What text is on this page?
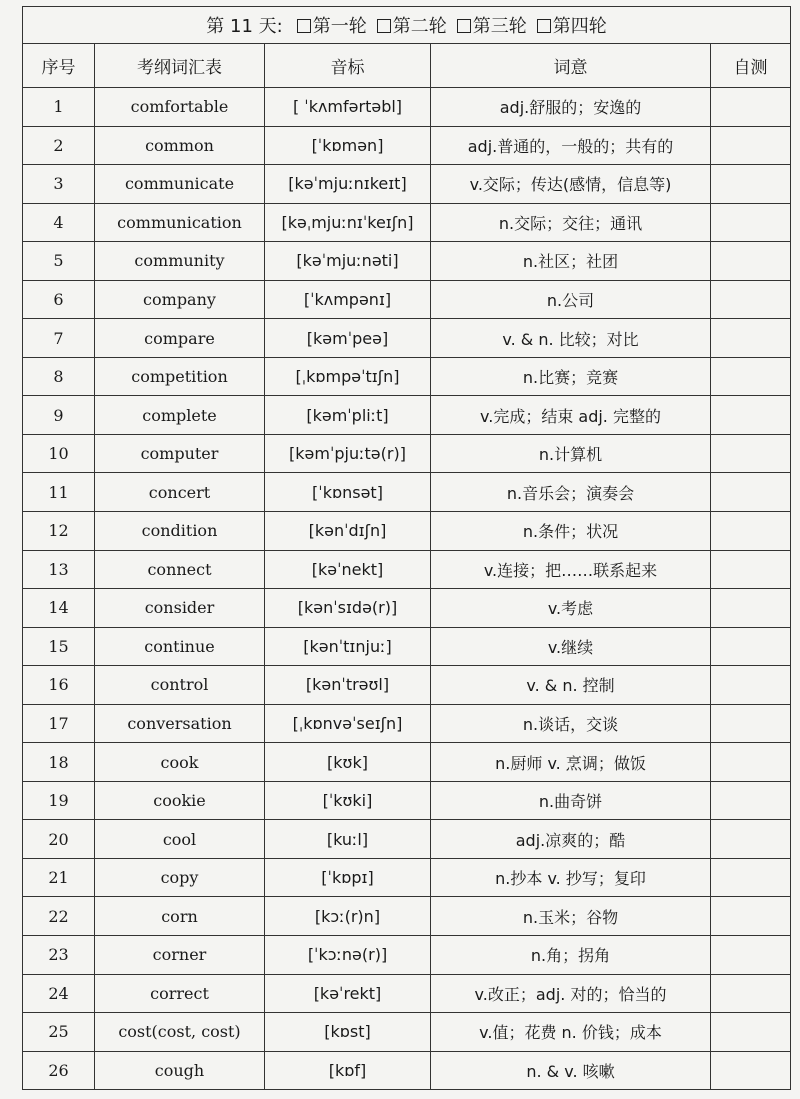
第 11 天: 第一轮 第二轮 第三轮 第四轮				
序号	考纲词汇表	音标	词意	自测
1	comfortable	[ ˈkʌmfərtəbl]	adj.舒服的；安逸的	
2	common	[ˈkɒmən]	adj.普通的，一般的；共有的	
3	communicate	[kəˈmjuːnɪkeɪt]	v.交际；传达(感情，信息等)	
4	communication	[kəˌmjuːnɪˈkeɪʃn]	n.交际；交往；通讯	
5	community	[kəˈmjuːnəti]	n.社区；社团	
6	company	[ˈkʌmpənɪ]	n.公司	
7	compare	[kəmˈpeə]	v. & n. 比较；对比	
8	competition	[ˌkɒmpəˈtɪʃn]	n.比赛；竞赛	
9	complete	[kəmˈpliːt]	v.完成；结束 adj. 完整的	
10	computer	[kəmˈpjuːtə(r)]	n.计算机	
11	concert	[ˈkɒnsət]	n.音乐会；演奏会	
12	condition	[kənˈdɪʃn]	n.条件；状况	
13	connect	[kəˈnekt]	v.连接；把……联系起来	
14	consider	[kənˈsɪdə(r)]	v.考虑	
15	continue	[kənˈtɪnjuː]	v.继续	
16	control	[kənˈtrəʊl]	v. & n. 控制	
17	conversation	[ˌkɒnvəˈseɪʃn]	n.谈话，交谈	
18	cook	[kʊk]	n.厨师 v. 烹调；做饭	
19	cookie	[ˈkʊki]	n.曲奇饼	
20	cool	[kuːl]	adj.凉爽的；酷	
21	copy	[ˈkɒpɪ]	n.抄本 v. 抄写；复印	
22	corn	[kɔː(r)n]	n.玉米；谷物	
23	corner	[ˈkɔːnə(r)]	n.角；拐角	
24	correct	[kəˈrekt]	v.改正；adj. 对的；恰当的	
25	cost(cost, cost)	[kɒst]	v.值；花费 n. 价钱；成本	
26	cough	[kɒf]	n. & v. 咳嗽	
